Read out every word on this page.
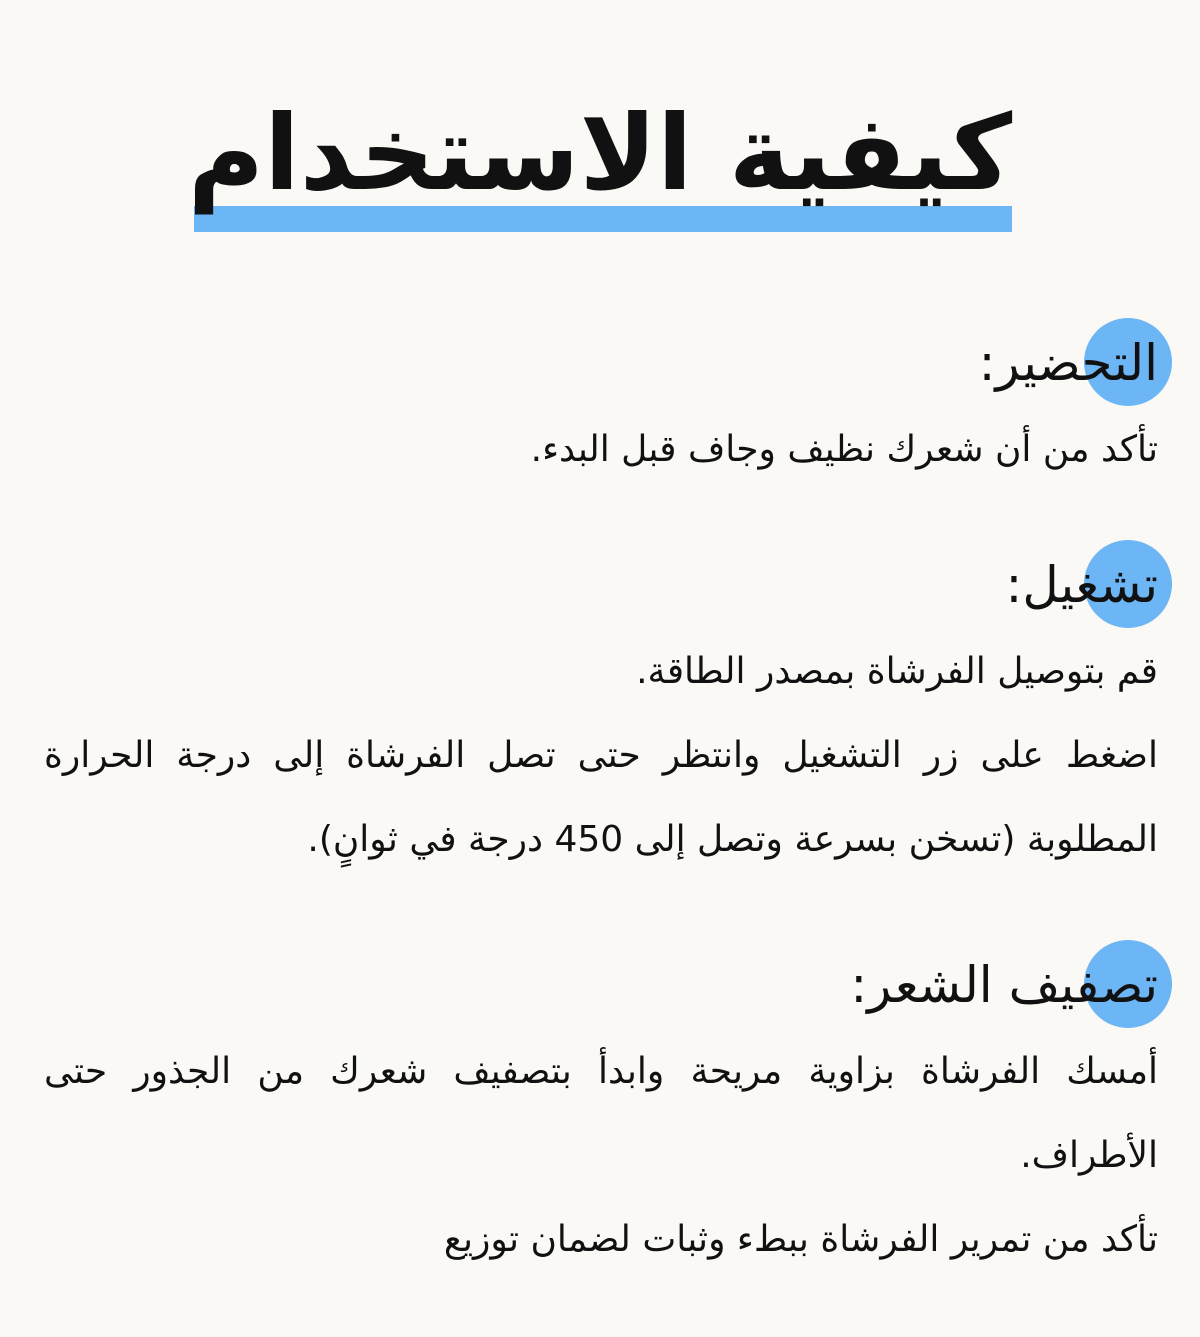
كيفية الاستخدام
التحضير:

تأكد من أن شعرك نظيف وجاف قبل البدء.

تشغيل:

قم بتوصيل الفرشاة بمصدر الطاقة.

اضغط على زر التشغيل وانتظر حتى تصل الفرشاة إلى درجة الحرارة المطلوبة (تسخن بسرعة وتصل إلى 450 درجة في ثوانٍ).

تصفيف الشعر:

أمسك الفرشاة بزاوية مريحة وابدأ بتصفيف شعرك من الجذور حتى الأطراف.

تأكد من تمرير الفرشاة ببطء وثبات لضمان توزيع
